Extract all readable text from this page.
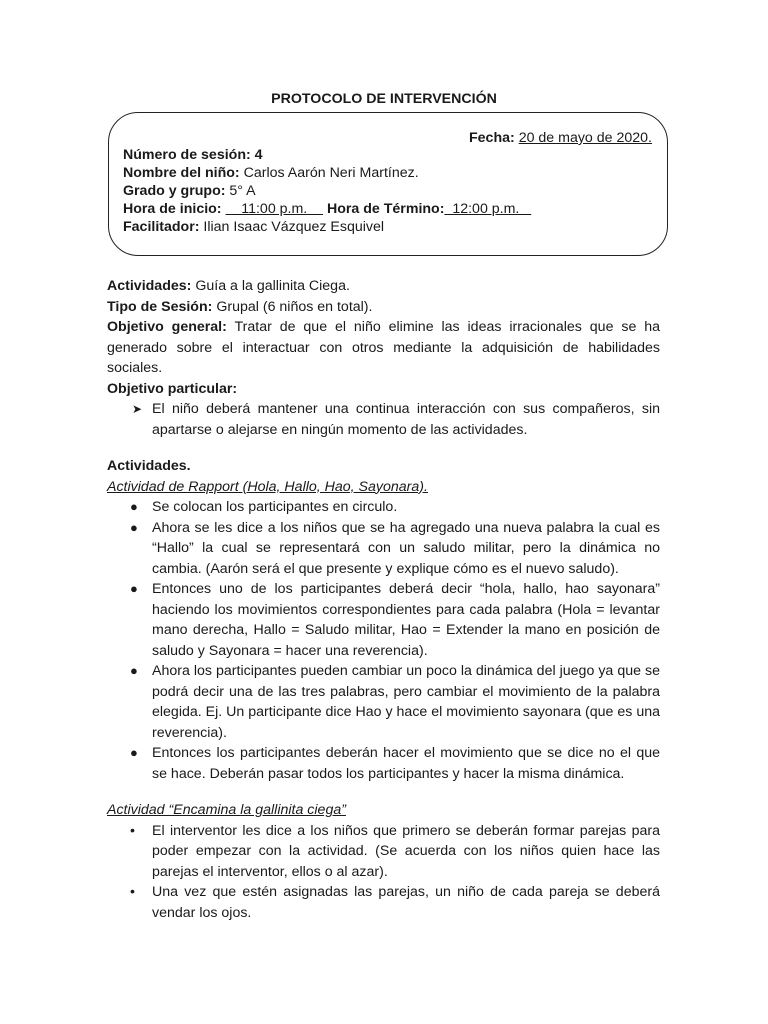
PROTOCOLO DE INTERVENCIÓN
Fecha: 20 de mayo de 2020.
Número de sesión: 4
Nombre del niño: Carlos Aarón Neri Martínez.
Grado y grupo: 5° A
Hora de inicio:     11:00 p.m.     Hora de Término:  12:00 p.m.
Facilitador: Ilian Isaac Vázquez Esquivel
Actividades: Guía a la gallinita Ciega.
Tipo de Sesión: Grupal (6 niños en total).
Objetivo general: Tratar de que el niño elimine las ideas irracionales que se ha generado sobre el interactuar con otros mediante la adquisición de habilidades sociales.
Objetivo particular:
➤ El niño deberá mantener una continua interacción con sus compañeros, sin apartarse o alejarse en ningún momento de las actividades.
Actividades.
Actividad de Rapport (Hola, Hallo, Hao, Sayonara).
● Se colocan los participantes en circulo.
● Ahora se les dice a los niños que se ha agregado una nueva palabra la cual es “Hallo” la cual se representará con un saludo militar, pero la dinámica no cambia. (Aarón será el que presente y explique cómo es el nuevo saludo).
● Entonces uno de los participantes deberá decir “hola, hallo, hao sayonara” haciendo los movimientos correspondientes para cada palabra (Hola = levantar mano derecha, Hallo = Saludo militar, Hao = Extender la mano en posición de saludo y Sayonara = hacer una reverencia).
● Ahora los participantes pueden cambiar un poco la dinámica del juego ya que se podrá decir una de las tres palabras, pero cambiar el movimiento de la palabra elegida. Ej. Un participante dice Hao y hace el movimiento sayonara (que es una reverencia).
● Entonces los participantes deberán hacer el movimiento que se dice no el que se hace. Deberán pasar todos los participantes y hacer la misma dinámica.
Actividad “Encamina la gallinita ciega”
• El interventor les dice a los niños que primero se deberán formar parejas para poder empezar con la actividad. (Se acuerda con los niños quien hace las parejas el interventor, ellos o al azar).
• Una vez que estén asignadas las parejas, un niño de cada pareja se deberá vendar los ojos.
